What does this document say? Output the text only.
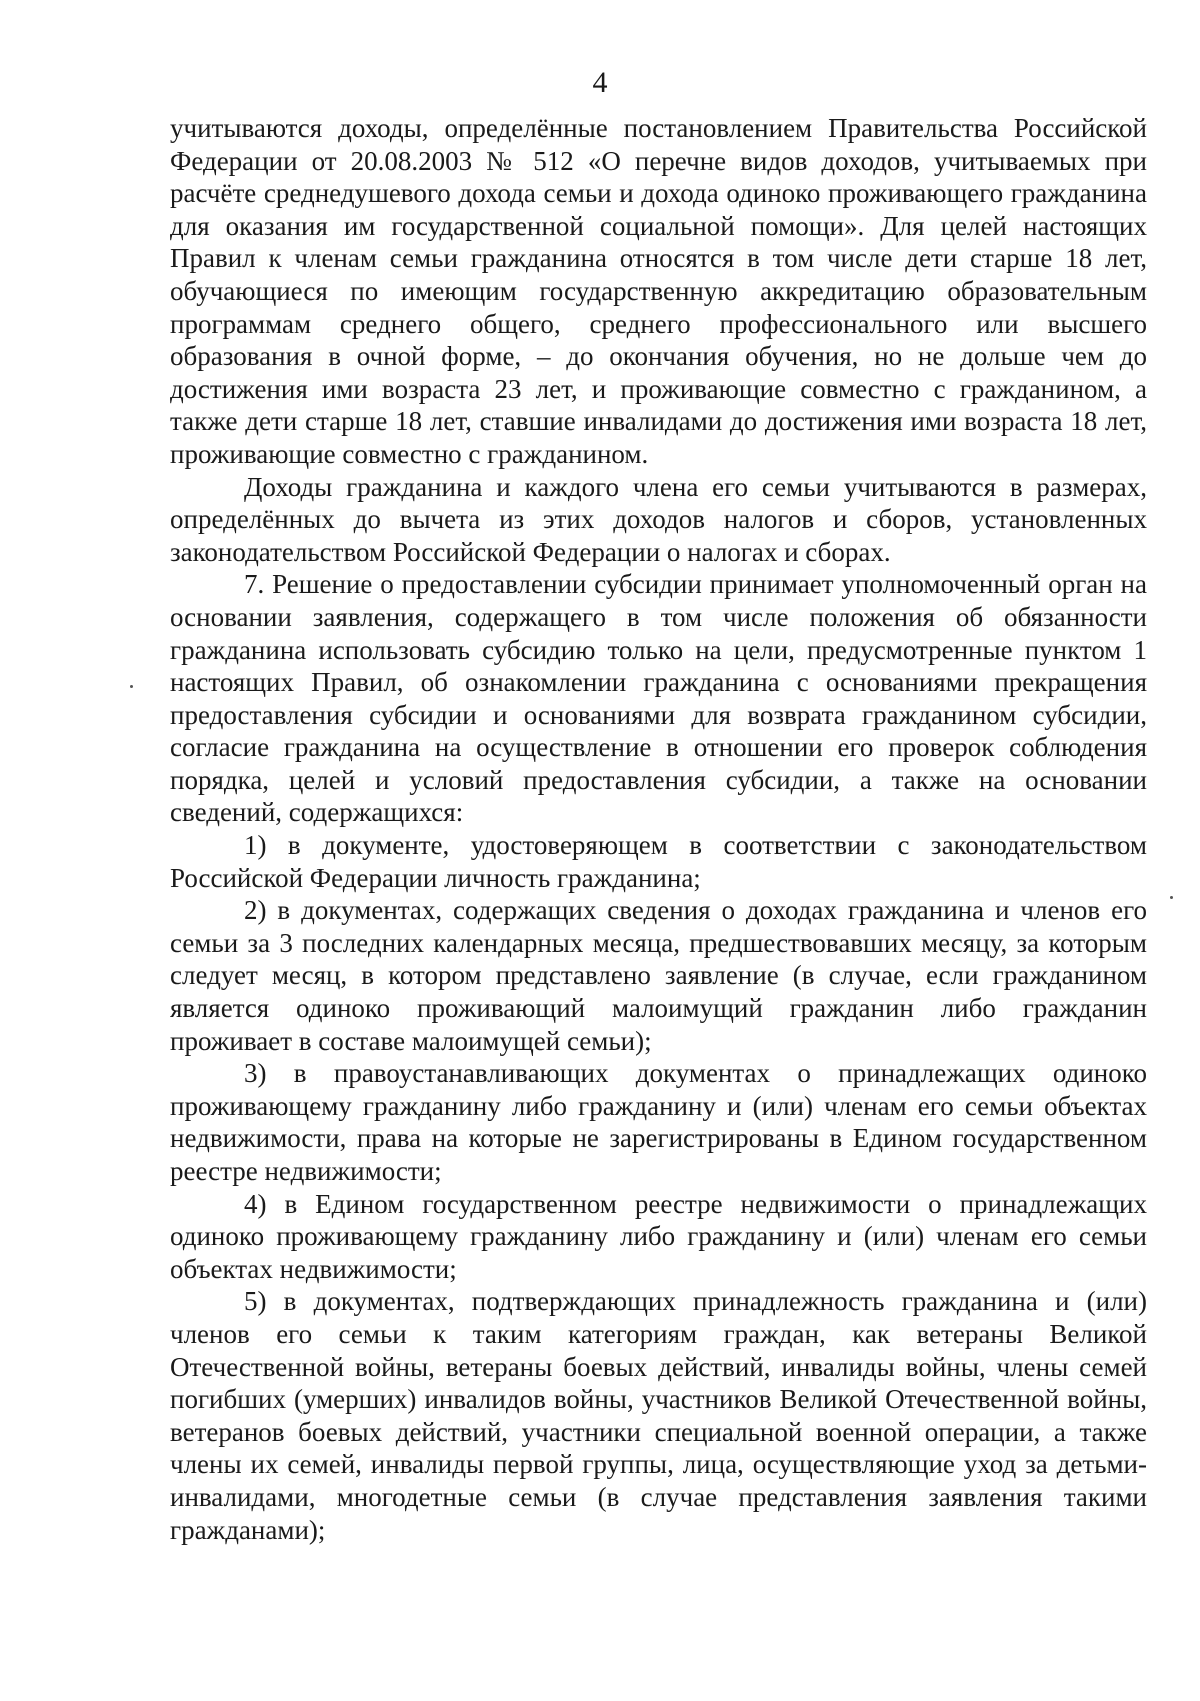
4

учитываются доходы, определённые постановлением Правительства Российской Федерации от 20.08.2003 № 512 «О перечне видов доходов, учитываемых при расчёте среднедушевого дохода семьи и дохода одиноко проживающего гражданина для оказания им государственной социальной помощи». Для целей настоящих Правил к членам семьи гражданина относятся в том числе дети старше 18 лет, обучающиеся по имеющим государственную аккредитацию образовательным программам среднего общего, среднего профессионального или высшего образования в очной форме, – до окончания обучения, но не дольше чем до достижения ими возраста 23 лет, и проживающие совместно с гражданином, а также дети старше 18 лет, ставшие инвалидами до достижения ими возраста 18 лет, проживающие совместно с гражданином.

Доходы гражданина и каждого члена его семьи учитываются в размерах, определённых до вычета из этих доходов налогов и сборов, установленных законодательством Российской Федерации о налогах и сборах.

7. Решение о предоставлении субсидии принимает уполномоченный орган на основании заявления, содержащего в том числе положения об обязанности гражданина использовать субсидию только на цели, предусмотренные пунктом 1 настоящих Правил, об ознакомлении гражданина с основаниями прекращения предоставления субсидии и основаниями для возврата гражданином субсидии, согласие гражданина на осуществление в отношении его проверок соблюдения порядка, целей и условий предоставления субсидии, а также на основании сведений, содержащихся:

1) в документе, удостоверяющем в соответствии с законодательством Российской Федерации личность гражданина;

2) в документах, содержащих сведения о доходах гражданина и членов его семьи за 3 последних календарных месяца, предшествовавших месяцу, за которым следует месяц, в котором представлено заявление (в случае, если гражданином является одиноко проживающий малоимущий гражданин либо гражданин проживает в составе малоимущей семьи);

3) в правоустанавливающих документах о принадлежащих одиноко проживающему гражданину либо гражданину и (или) членам его семьи объектах недвижимости, права на которые не зарегистрированы в Едином государственном реестре недвижимости;

4) в Едином государственном реестре недвижимости о принадлежащих одиноко проживающему гражданину либо гражданину и (или) членам его семьи объектах недвижимости;

5) в документах, подтверждающих принадлежность гражданина и (или) членов его семьи к таким категориям граждан, как ветераны Великой Отечественной войны, ветераны боевых действий, инвалиды войны, члены семей погибших (умерших) инвалидов войны, участников Великой Отечественной войны, ветеранов боевых действий, участники специальной военной операции, а также члены их семей, инвалиды первой группы, лица, осуществляющие уход за детьми-инвалидами, многодетные семьи (в случае представления заявления такими гражданами);
